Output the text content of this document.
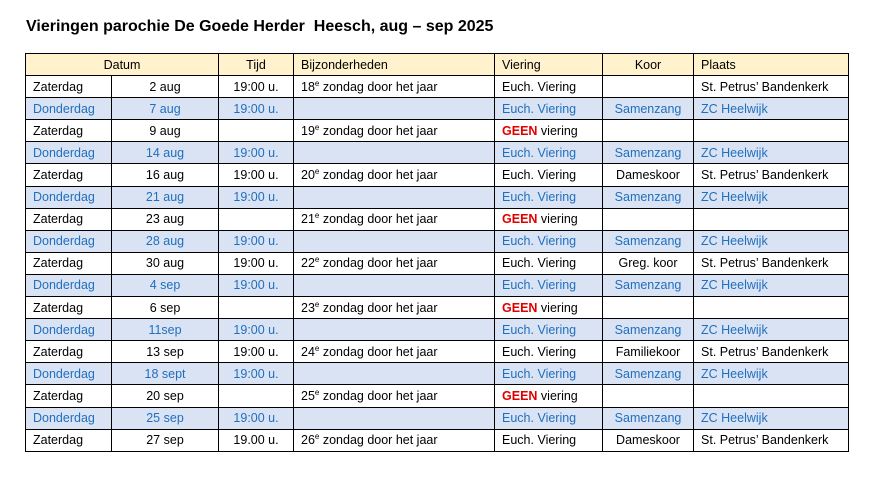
Vieringen parochie De Goede Herder  Heesch, aug – sep 2025
Datum		Tijd	Bijzonderheden	Viering	Koor	Plaats
Zaterdag	2 aug	19:00 u.	18e zondag door het jaar	Euch. Viering		St. Petrus’ Bandenkerk
Donderdag	7 aug	19:00 u.		Euch. Viering	Samenzang	ZC Heelwijk
Zaterdag	9 aug		19e zondag door het jaar	GEEN viering		
Donderdag	14 aug	19:00 u.		Euch. Viering	Samenzang	ZC Heelwijk
Zaterdag	16 aug	19:00 u.	20e zondag door het jaar	Euch. Viering	Dameskoor	St. Petrus’ Bandenkerk
Donderdag	21 aug	19:00 u.		Euch. Viering	Samenzang	ZC Heelwijk
Zaterdag	23 aug		21e zondag door het jaar	GEEN viering		
Donderdag	28 aug	19:00 u.		Euch. Viering	Samenzang	ZC Heelwijk
Zaterdag	30 aug	19:00 u.	22e zondag door het jaar	Euch. Viering	Greg. koor	St. Petrus’ Bandenkerk
Donderdag	4 sep	19:00 u.		Euch. Viering	Samenzang	ZC Heelwijk
Zaterdag	6 sep		23e zondag door het jaar	GEEN viering		
Donderdag	11sep	19:00 u.		Euch. Viering	Samenzang	ZC Heelwijk
Zaterdag	13 sep	19:00 u.	24e zondag door het jaar	Euch. Viering	Familiekoor	St. Petrus’ Bandenkerk
Donderdag	18 sept	19:00 u.		Euch. Viering	Samenzang	ZC Heelwijk
Zaterdag	20 sep		25e zondag door het jaar	GEEN viering		
Donderdag	25 sep	19:00 u.		Euch. Viering	Samenzang	ZC Heelwijk
Zaterdag	27 sep	19.00 u.	26e zondag door het jaar	Euch. Viering	Dameskoor	St. Petrus’ Bandenkerk
